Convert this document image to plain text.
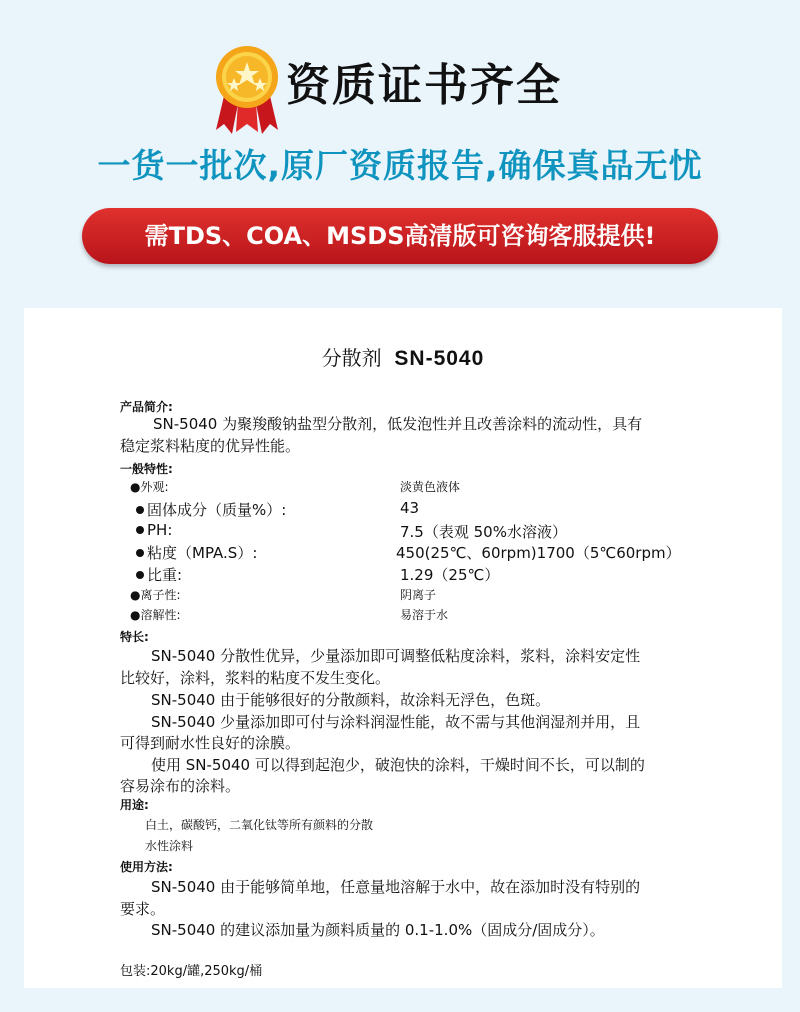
资质证书齐全
一货一批次,原厂资质报告,确保真品无忧
需TDS、COA、MSDS高清版可咨询客服提供!
分散剂 SN-5040
产品简介:
SN-5040 为聚羧酸钠盐型分散剂，低发泡性并且改善涂料的流动性，具有
稳定浆料粘度的优异性能。
一般特性:
●外观:	淡黄色液体
固体成分（质量%）:	43
PH:	7.5（表观 50%水溶液）
粘度（MPA.S）:	450(25℃、60rpm)1700（5℃60rpm）
比重:	1.29（25℃）
●离子性:	阴离子
●溶解性:	易溶于水
特长:
SN-5040 分散性优异，少量添加即可调整低粘度涂料，浆料，涂料安定性
比较好，涂料，浆料的粘度不发生变化。
SN-5040 由于能够很好的分散颜料，故涂料无浮色，色斑。
SN-5040 少量添加即可付与涂料润湿性能，故不需与其他润湿剂并用，且
可得到耐水性良好的涂膜。
使用 SN-5040 可以得到起泡少，破泡快的涂料，干燥时间不长，可以制的
容易涂布的涂料。
用途:
白土，碳酸钙，二氧化钛等所有颜料的分散
水性涂料
使用方法:
SN-5040 由于能够简单地，任意量地溶解于水中，故在添加时没有特别的
要求。
SN-5040 的建议添加量为颜料质量的 0.1-1.0%（固成分/固成分）。
包装:20kg/罐,250kg/桶
